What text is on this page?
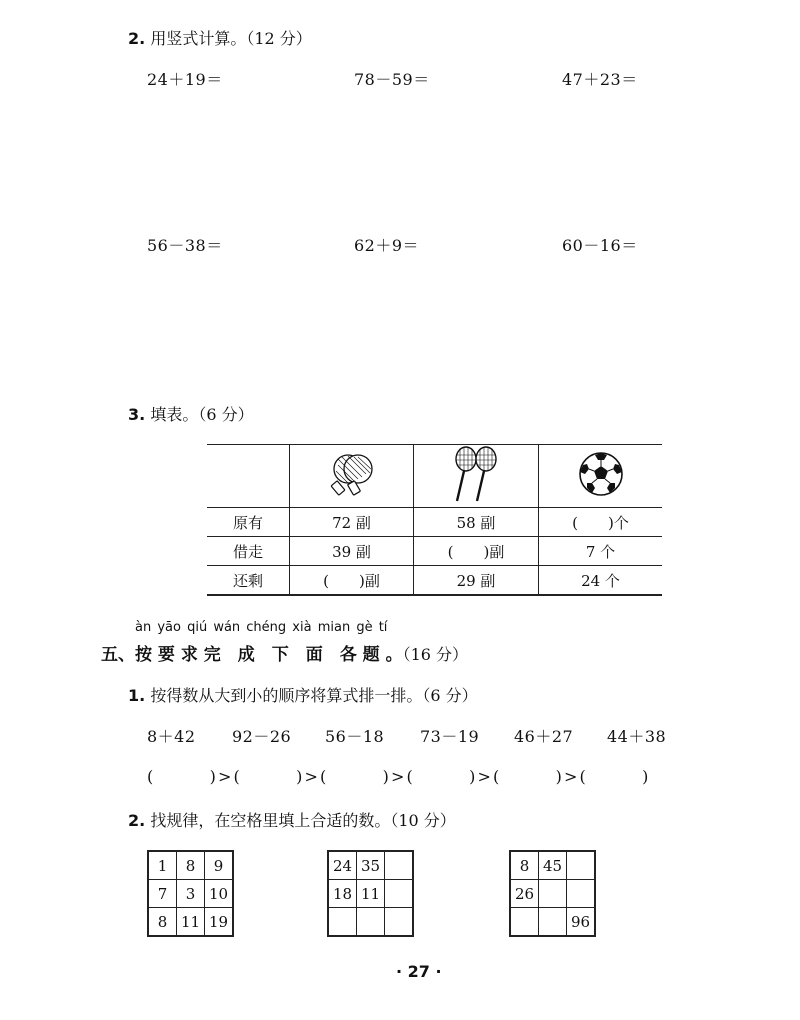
2. 用竖式计算。（12 分）
24＋19＝	78－59＝	47＋23＝
56－38＝	62＋9＝	60－16＝
3. 填表。（6 分）

原有	72 副	58 副	(　　)个
借走	39 副	(　　)副	7 个
还剩	(　　)副	29 副	24 个
àn yāo qiú wán chéng xià mian gè tí
五、按 要 求 完　成　下　面　各 题 。（16 分）
1. 按得数从大到小的顺序将算式排一排。（6 分）
8＋42 92－26 56－18 73－19 46＋27 44＋38
(　　　)>(　　　)>(　　　)>(　　　)>(　　　)>(　　　)
2. 找规律，在空格里填上合适的数。（10 分）
1	8	9
7	3	10
8	11	19
24	35	
18	11	

8	45	
26		
		96
· 27 ·
